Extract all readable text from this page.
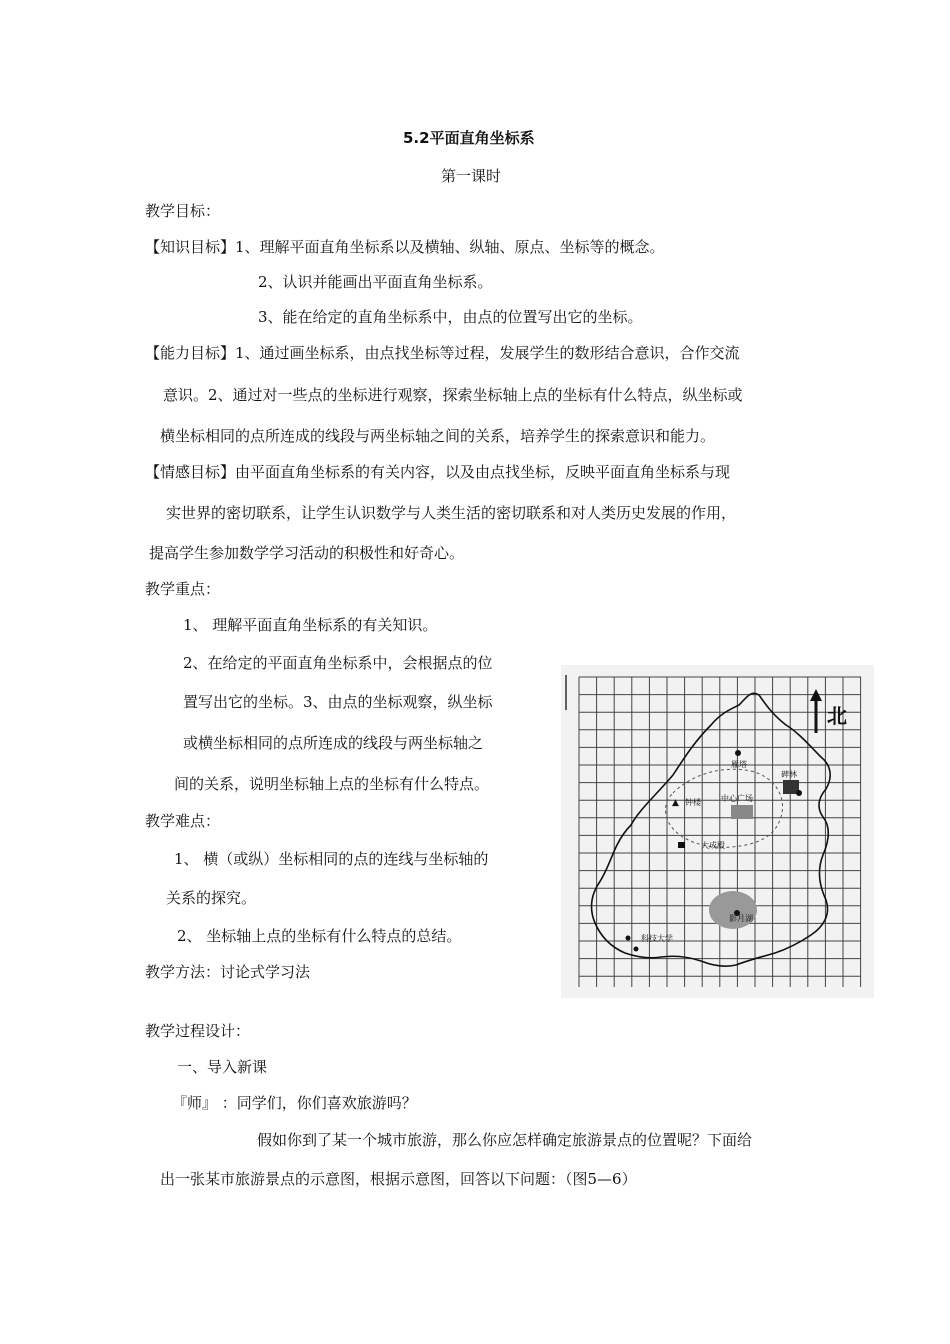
5.2平面直角坐标系
第一课时
教学目标：
【知识目标】1、理解平面直角坐标系以及横轴、纵轴、原点、坐标等的概念。
2、认识并能画出平面直角坐标系。
3、能在给定的直角坐标系中，由点的位置写出它的坐标。
【能力目标】1、通过画坐标系，由点找坐标等过程，发展学生的数形结合意识，合作交流
意识。2、通过对一些点的坐标进行观察，探索坐标轴上点的坐标有什么特点，纵坐标或
横坐标相同的点所连成的线段与两坐标轴之间的关系，培养学生的探索意识和能力。
【情感目标】由平面直角坐标系的有关内容，以及由点找坐标，反映平面直角坐标系与现
实世界的密切联系，让学生认识数学与人类生活的密切联系和对人类历史发展的作用，
提高学生参加数学学习活动的积极性和好奇心。
教学重点：
1、 理解平面直角坐标系的有关知识。
2、在给定的平面直角坐标系中，会根据点的位
置写出它的坐标。3、由点的坐标观察，纵坐标
或横坐标相同的点所连成的线段与两坐标轴之
间的关系，说明坐标轴上点的坐标有什么特点。
教学难点：
1、 横（或纵）坐标相同的点的连线与坐标轴的
关系的探究。
2、 坐标轴上点的坐标有什么特点的总结。
教学方法：讨论式学习法
教学过程设计：
一、导入新课
『师』 ：同学们，你们喜欢旅游吗？
假如你到了某一个城市旅游，那么你应怎样确定旅游景点的位置呢？下面给
出一张某市旅游景点的示意图，根据示意图，回答以下问题：（图5—6）
北
雁塔
碑林
▲ 钟楼	中心广场
大成殿
影月湖
科技大学
